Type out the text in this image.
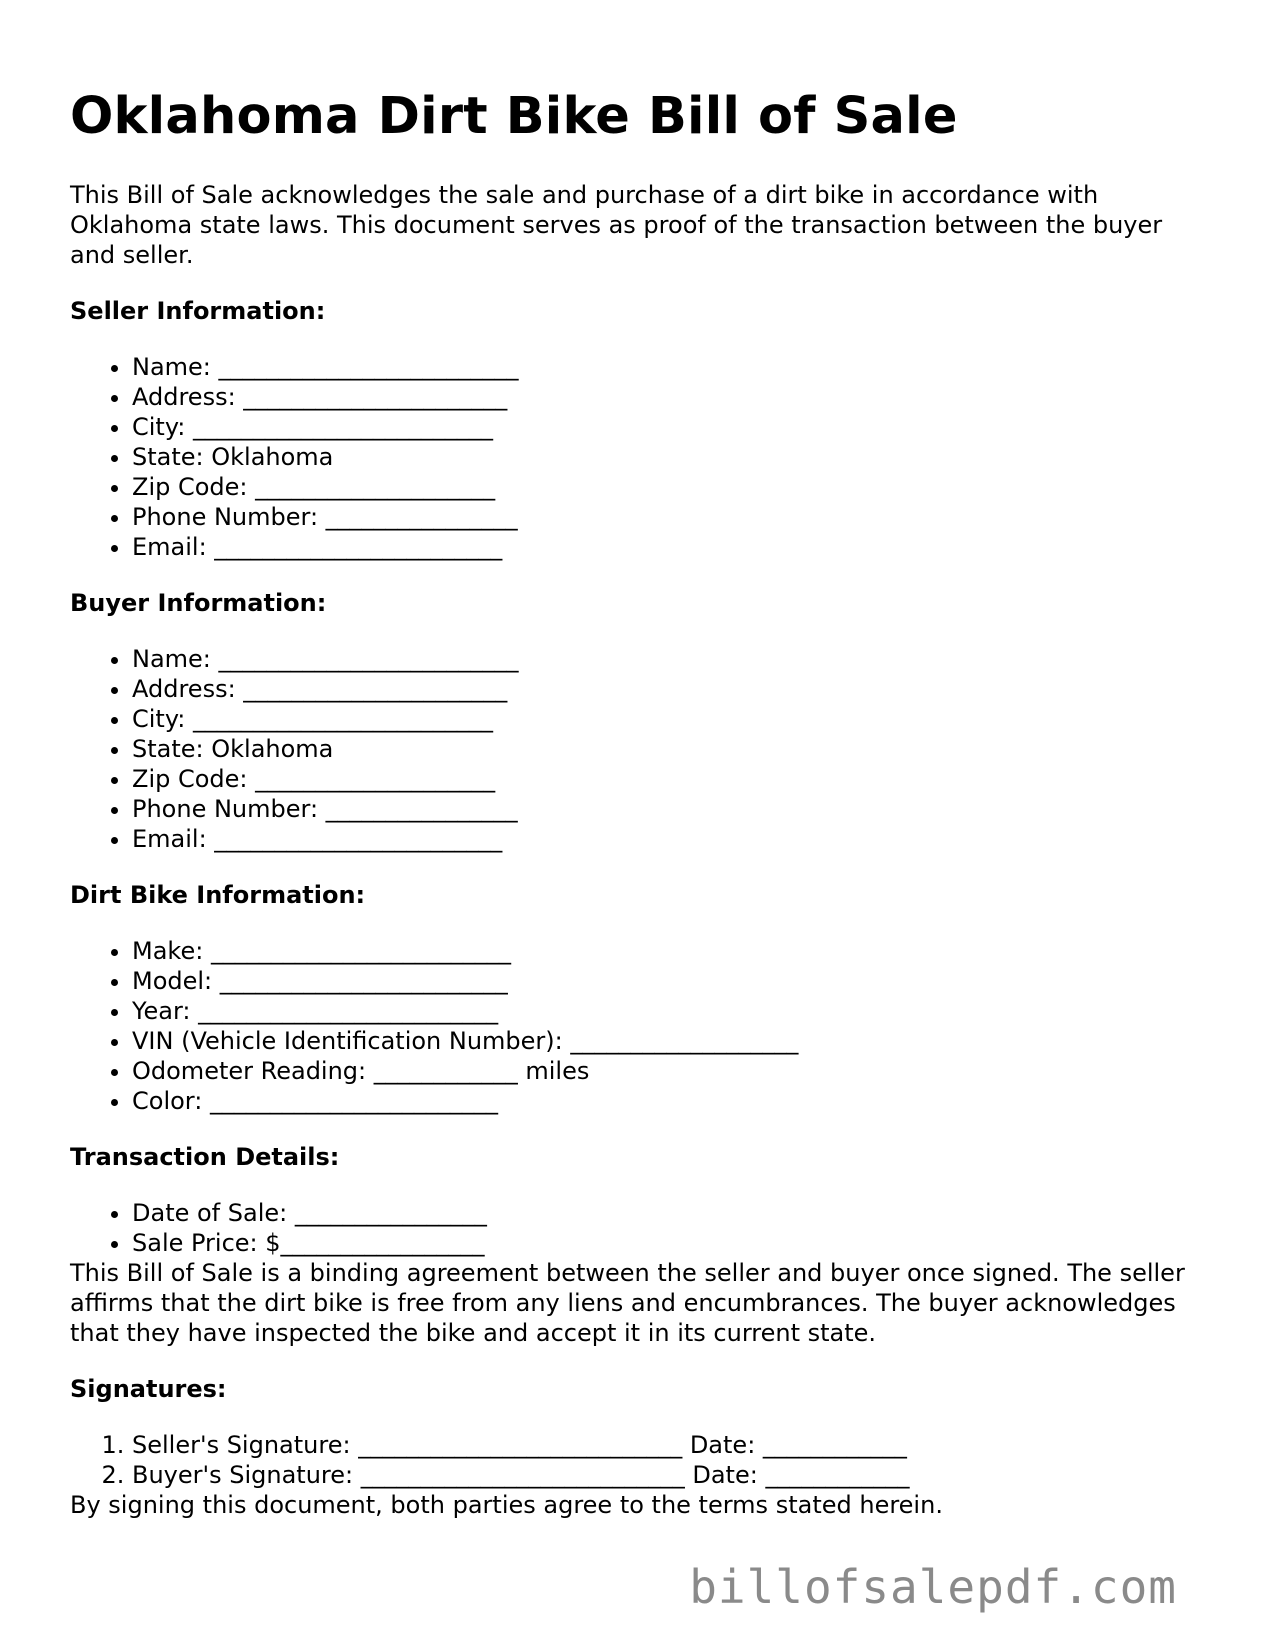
Oklahoma Dirt Bike Bill of Sale

This Bill of Sale acknowledges the sale and purchase of a dirt bike in accordance with Oklahoma state laws. This document serves as proof of the transaction between the buyer and seller.

Seller Information:
• Name: _________________________
• Address: ______________________
• City: _________________________
• State: Oklahoma
• Zip Code: ____________________
• Phone Number: ________________
• Email: ________________________
Buyer Information:
• Name: _________________________
• Address: ______________________
• City: _________________________
• State: Oklahoma
• Zip Code: ____________________
• Phone Number: ________________
• Email: ________________________
Dirt Bike Information:
• Make: _________________________
• Model: ________________________
• Year: _________________________
• VIN (Vehicle Identification Number): ___________________
• Odometer Reading: ____________ miles
• Color: ________________________
Transaction Details:
• Date of Sale: ________________
• Sale Price: $_________________

This Bill of Sale is a binding agreement between the seller and buyer once signed. The seller affirms that the dirt bike is free from any liens and encumbrances. The buyer acknowledges that they have inspected the bike and accept it in its current state.

Signatures:
1. Seller's Signature: ___________________________ Date: ____________
2. Buyer's Signature: ___________________________ Date: ____________

By signing this document, both parties agree to the terms stated herein.

billofsalepdf.com
